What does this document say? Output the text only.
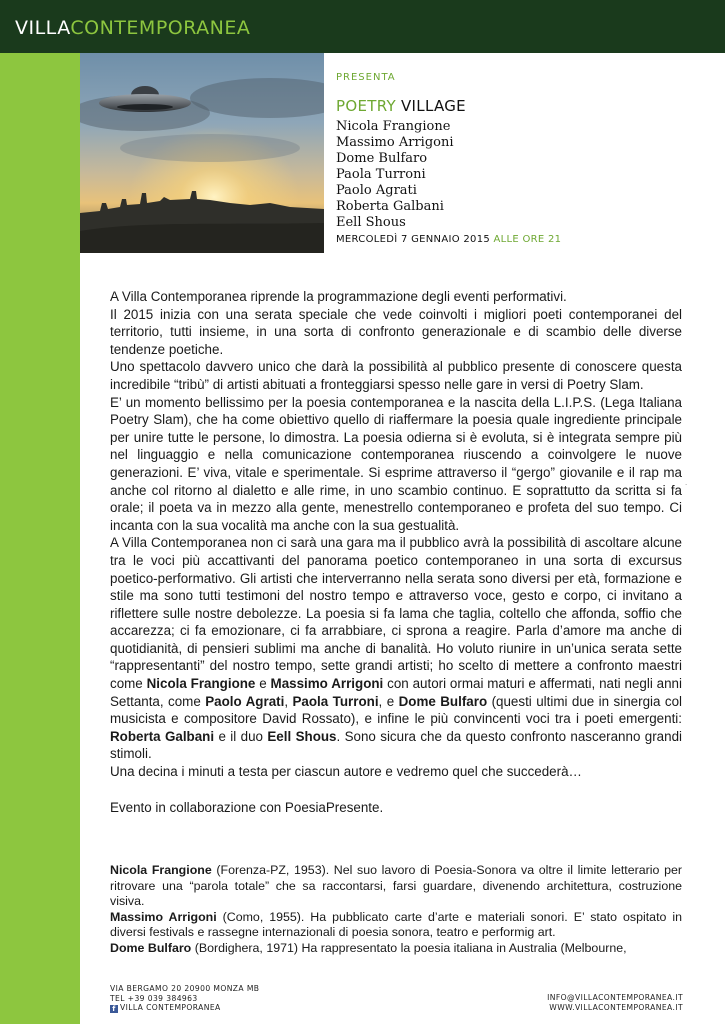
VILLACONTEMPORANEA
PRESENTA
POETRY VILLAGE
Nicola Frangione
Massimo Arrigoni
Dome Bulfaro
Paola Turroni
Paolo Agrati
Roberta Galbani
Eell Shous
MERCOLEDÌ 7 GENNAIO 2015 ALLE ORE 21

A Villa Contemporanea riprende la programmazione degli eventi performativi.

Il 2015 inizia con una serata speciale che vede coinvolti i migliori poeti contemporanei del territorio, tutti insieme, in una sorta di confronto generazionale e di scambio delle diverse tendenze poetiche.

Uno spettacolo davvero unico che darà la possibilità al pubblico presente di conoscere questa incredibile “tribù” di artisti abituati a fronteggiarsi spesso nelle gare in versi di Poetry Slam.

E’ un momento bellissimo per la poesia contemporanea e la nascita della L.I.P.S. (Lega Italiana Poetry Slam), che ha come obiettivo quello di riaffermare la poesia quale ingrediente principale per unire tutte le persone, lo dimostra. La poesia odierna si è evoluta, si è integrata sempre più nel linguaggio e nella comunicazione contemporanea riuscendo a coinvolgere le nuove generazioni. E’ viva, vitale e sperimentale. Si esprime attraverso il “gergo” giovanile e il rap ma anche col ritorno al dialetto e alle rime, in uno scambio continuo. E soprattutto da scritta si fa orale; il poeta va in mezzo alla gente, menestrello contemporaneo e profeta del suo tempo. Ci incanta con la sua vocalità ma anche con la sua gestualità.

A Villa Contemporanea non ci sarà una gara ma il pubblico avrà la possibilità di ascoltare alcune tra le voci più accattivanti del panorama poetico contemporaneo in una sorta di excursus poetico-performativo. Gli artisti che interverranno nella serata sono diversi per età, formazione e stile ma sono tutti testimoni del nostro tempo e attraverso voce, gesto e corpo, ci invitano a riflettere sulle nostre debolezze. La poesia si fa lama che taglia, coltello che affonda, soffio che accarezza; ci fa emozionare, ci fa arrabbiare, ci sprona a reagire. Parla d’amore ma anche di quotidianità, di pensieri sublimi ma anche di banalità. Ho voluto riunire in un’unica serata sette “rappresentanti” del nostro tempo, sette grandi artisti; ho scelto di mettere a confronto maestri come Nicola Frangione e Massimo Arrigoni con autori ormai maturi e affermati, nati negli anni Settanta, come Paolo Agrati, Paola Turroni, e Dome Bulfaro (questi ultimi due in sinergia col musicista e compositore David Rossato), e infine le più convincenti voci tra i poeti emergenti: Roberta Galbani e il duo Eell Shous. Sono sicura che da questo confronto nasceranno grandi stimoli.

Una decina i minuti a testa per ciascun autore e vedremo quel che succederà…

Evento in collaborazione con PoesiaPresente.

.

Nicola Frangione (Forenza-PZ, 1953). Nel suo lavoro di Poesia-Sonora va oltre il limite letterario per ritrovare una “parola totale” che sa raccontarsi, farsi guardare, divenendo architettura, costruzione visiva.

Massimo Arrigoni (Como, 1955). Ha pubblicato carte d’arte e materiali sonori. E’ stato ospitato in diversi festivals e rassegne internazionali di poesia sonora, teatro e performig art.

Dome Bulfaro (Bordighera, 1971) Ha rappresentato la poesia italiana in Australia (Melbourne,

VIA BERGAMO 20 20900 MONZA MB
TEL +39 039 384963
f VILLA CONTEMPORANEA
INFO@VILLACONTEMPORANEA.IT
WWW.VILLACONTEMPORANEA.IT
